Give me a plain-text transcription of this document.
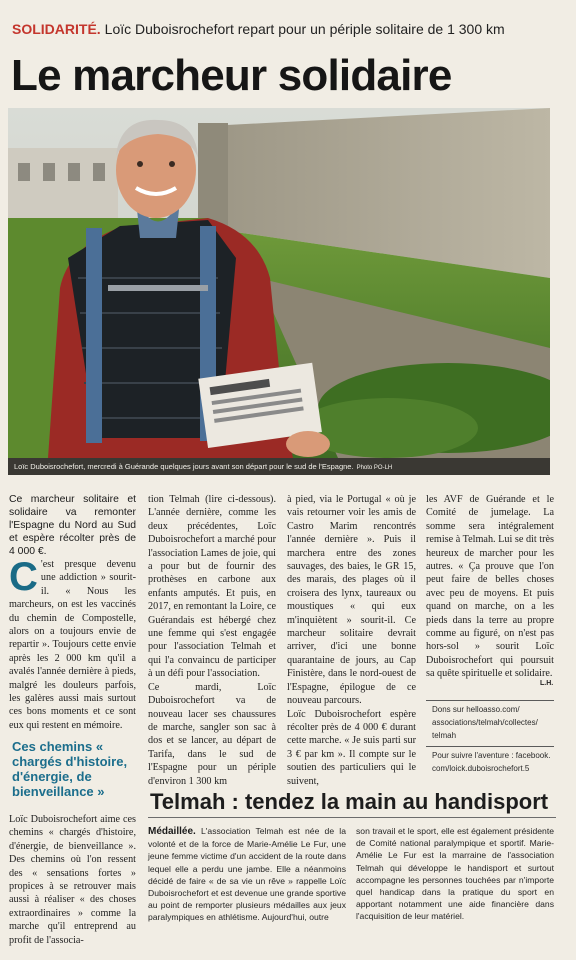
SOLIDARITÉ. Loïc Duboisrochefort repart pour un périple solitaire de 1 300 km
Le marcheur solidaire
Loïc Duboisrochefort, mercredi à Guérande quelques jours avant son départ pour le sud de l'Espagne. Photo PO-LH

Ce marcheur solitaire et solidaire va remonter l'Espagne du Nord au Sud et espère récolter près de 4 000 €.

C 'est presque devenu une addiction » sourit-il. « Nous les marcheurs, on est les vaccinés du chemin de Compostelle, alors on a toujours envie de repartir ». Toujours cette envie après les 2 000 km qu'il a avalés l'année dernière à pieds, malgré les douleurs parfois, les galères aussi mais surtout ces bons moments et ce sont eux qui restent en mémoire.

Ces chemins « chargés d'histoire, d'énergie, de bienveillance »

Loïc Duboisrochefort aime ces chemins « chargés d'histoire, d'énergie, de bienveillance ». Des chemins où l'on ressent des « sensations fortes » propices à se retrouver mais aussi à réaliser « des choses extraordinaires » comme la marche qu'il entreprend au profit de l'associa-

tion Telmah (lire ci-dessous). L'année dernière, comme les deux précédentes, Loïc Duboisrochefort a marché pour l'association Lames de joie, qui a pour but de fournir des prothèses en carbone aux enfants amputés. Et puis, en 2017, en remontant la Loire, ce Guérandais est hébergé chez une femme qui s'est engagée pour l'association Telmah et qui l'a convaincu de participer à un défi pour l'association.

Ce mardi, Loïc Duboisrochefort va de nouveau lacer ses chaussures de marche, sangler son sac à dos et se lancer, au départ de Tarifa, dans le sud de l'Espagne pour un périple d'environ 1 300 km

à pied, via le Portugal « où je vais retourner voir les amis de Castro Marim rencontrés l'année dernière ». Puis il marchera entre des zones sauvages, des baies, le GR 15, des marais, des plages où il croisera des lynx, taureaux ou moustiques « qui eux m'inquiètent » sourit-il. Ce marcheur solitaire devrait arriver, d'ici une bonne quarantaine de jours, au Cap Finistère, dans le nord-ouest de l'Espagne, épilogue de ce nouveau parcours.

Loïc Duboisrochefort espère récolter près de 4 000 € durant cette marche. « Je suis parti sur 3 € par km ». Il compte sur le soutien des particuliers qui le suivent,

les AVF de Guérande et le Comité de jumelage. La somme sera intégralement remise à Telmah. Lui se dit très heureux de marcher pour les autres. « Ça prouve que l'on peut faire de belles choses avec peu de moyens. Et puis quand on marche, on a les pieds dans la terre au propre comme au figuré, on n'est pas hors-sol » sourit Loïc Duboisrochefort qui poursuit sa quête spirituelle et solidaire.

L.H.
Dons sur helloasso.com/ associations/telmah/collectes/ telmah
Pour suivre l'aventure : facebook. com/loick.duboisrochefort.5
Telmah : tendez la main au handisport
Médaillée. L'association Telmah est née de la volonté et de la force de Marie-Amélie Le Fur, une jeune femme victime d'un accident de la route dans lequel elle a perdu une jambe. Elle a néanmoins décidé de faire « de sa vie un rêve » rappelle Loïc Duboisrochefort et est devenue une grande sportive au point de remporter plusieurs médailles aux jeux paralympiques en athlétisme. Aujourd'hui, outre
son travail et le sport, elle est également présidente de Comité national paralympique et sportif. Marie-Amélie Le Fur est la marraine de l'association Telmah qui développe le handisport et surtout accompagne les personnes touchées par n'importe quel handicap dans la pratique du sport en apportant notamment une aide financière dans l'acquisition de leur matériel.
